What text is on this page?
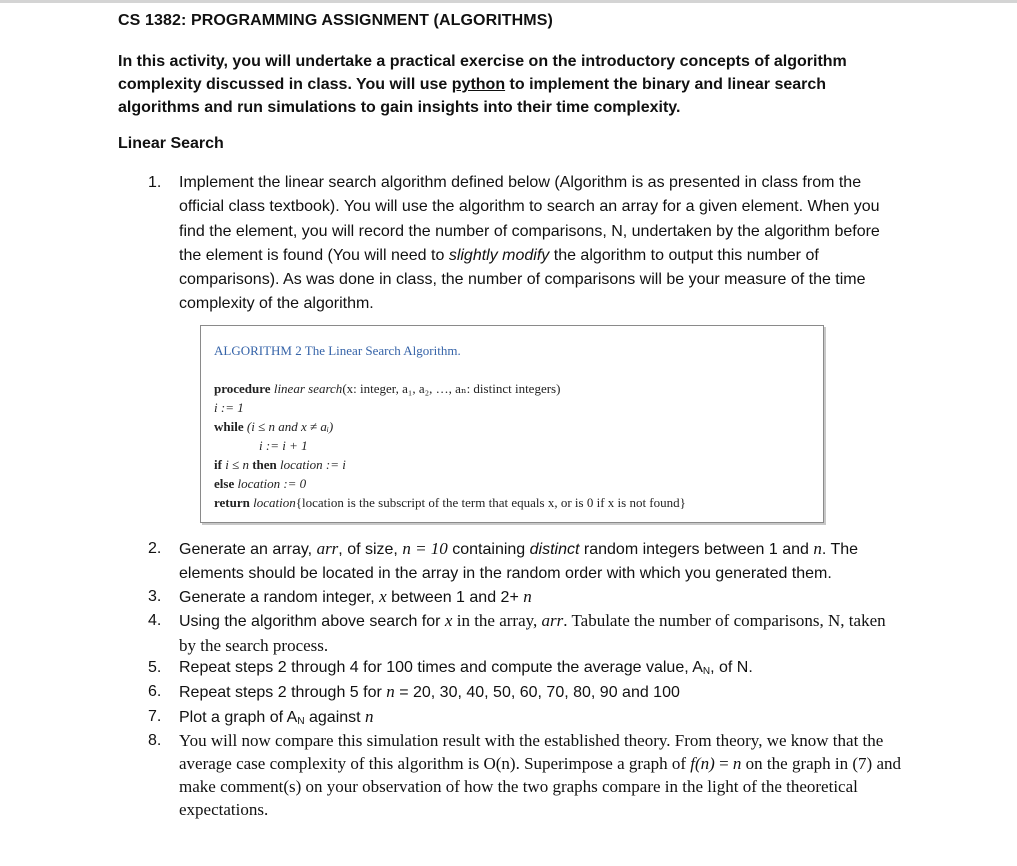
CS 1382: PROGRAMMING ASSIGNMENT (ALGORITHMS)
In this activity, you will undertake a practical exercise on the introductory concepts of algorithm complexity discussed in class. You will use python to implement the binary and linear search algorithms and run simulations to gain insights into their time complexity.
Linear Search
1.	Implement the linear search algorithm defined below (Algorithm is as presented in class from the official class textbook). You will use the algorithm to search an array for a given element. When you find the element, you will record the number of comparisons, N, undertaken by the algorithm before the element is found (You will need to slightly modify the algorithm to output this number of comparisons). As was done in class, the number of comparisons will be your measure of the time complexity of the algorithm.
ALGORITHM 2 The Linear Search Algorithm.
procedure linear search(x: integer, a₁, a₂, …, aₙ: distinct integers)
i := 1
while (i ≤ n and x ≠ aᵢ)
i := i + 1
if i ≤ n then location := i
else location := 0
return location{location is the subscript of the term that equals x, or is 0 if x is not found}
2.	Generate an array, arr, of size, n = 10 containing distinct random integers between 1 and n. The elements should be located in the array in the random order with which you generated them.
3.	Generate a random integer, x between 1 and 2+ n
4.	Using the algorithm above search for x in the array, arr. Tabulate the number of comparisons, N, taken by the search process.
5.	Repeat steps 2 through 4 for 100 times and compute the average value, $A_N$, of N.
6.	Repeat steps 2 through 5 for n = 20, 30, 40, 50, 60, 70, 80, 90 and 100
7.	Plot a graph of $A_N$ against n
8.	You will now compare this simulation result with the established theory. From theory, we know that the average case complexity of this algorithm is O(n). Superimpose a graph of f(n) = n on the graph in (7) and make comment(s) on your observation of how the two graphs compare in the light of the theoretical expectations.
